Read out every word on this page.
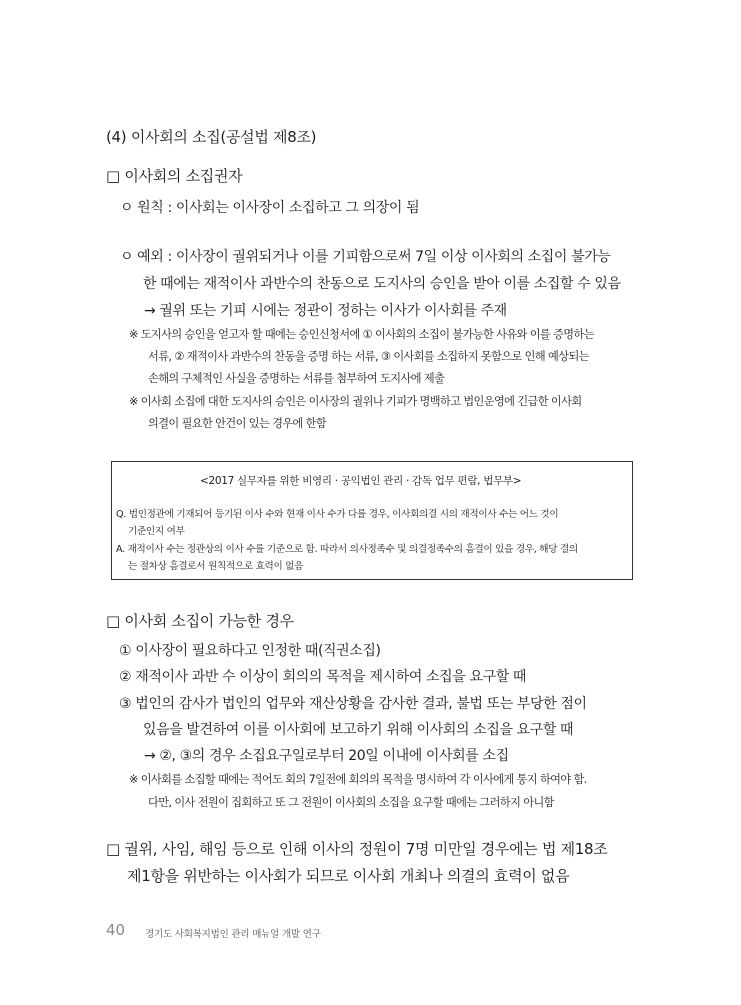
(4) 이사회의 소집(공설법 제8조)
□ 이사회의 소집권자
ㅇ 원칙 : 이사회는 이사장이 소집하고 그 의장이 됨
ㅇ 예외 : 이사장이 궐위되거나 이를 기피함으로써 7일 이상 이사회의 소집이 불가능
한 때에는 재적이사 과반수의 찬동으로 도지사의 승인을 받아 이를 소집할 수 있음
→ 궐위 또는 기피 시에는 정관이 정하는 이사가 이사회를 주재
※ 도지사의 승인을 얻고자 할 때에는 승인신청서에 ① 이사회의 소집이 불가능한 사유와 이를 증명하는
서류, ② 재적이사 과반수의 찬동을 증명 하는 서류, ③ 이사회를 소집하지 못함으로 인해 예상되는
손해의 구체적인 사실을 증명하는 서류를 첨부하여 도지사에 제출
※ 이사회 소집에 대한 도지사의 승인은 이사장의 궐위나 기피가 명백하고 법인운영에 긴급한 이사회
의결이 필요한 안건이 있는 경우에 한함
<2017 실무자를 위한 비영리 · 공익법인 관리 · 감독 업무 편람, 법무부>
Q. 법인정관에 기재되어 등기된 이사 수와 현재 이사 수가 다를 경우, 이사회의결 시의 재적이사 수는 어느 것이
기준인지 여부
A. 재적이사 수는 정관상의 이사 수를 기준으로 함. 따라서 의사정족수 및 의결정족수의 흠결이 있을 경우, 해당 결의
는 절차상 흠결로서 원칙적으로 효력이 없음
□ 이사회 소집이 가능한 경우
① 이사장이 필요하다고 인정한 때(직권소집)
② 재적이사 과반 수 이상이 회의의 목적을 제시하여 소집을 요구할 때
③ 법인의 감사가 법인의 업무와 재산상황을 감사한 결과, 불법 또는 부당한 점이
있음을 발견하여 이를 이사회에 보고하기 위해 이사회의 소집을 요구할 때
→ ②, ③의 경우 소집요구일로부터 20일 이내에 이사회를 소집
※ 이사회를 소집할 때에는 적어도 회의 7일전에 회의의 목적을 명시하여 각 이사에게 통지 하여야 함.
다만, 이사 전원이 집회하고 또 그 전원이 이사회의 소집을 요구할 때에는 그러하지 아니함
□ 궐위, 사임, 해임 등으로 인해 이사의 정원이 7명 미만일 경우에는 법 제18조
제1항을 위반하는 이사회가 되므로 이사회 개최나 의결의 효력이 없음
40 경기도 사회복지법인 관리 매뉴얼 개발 연구
